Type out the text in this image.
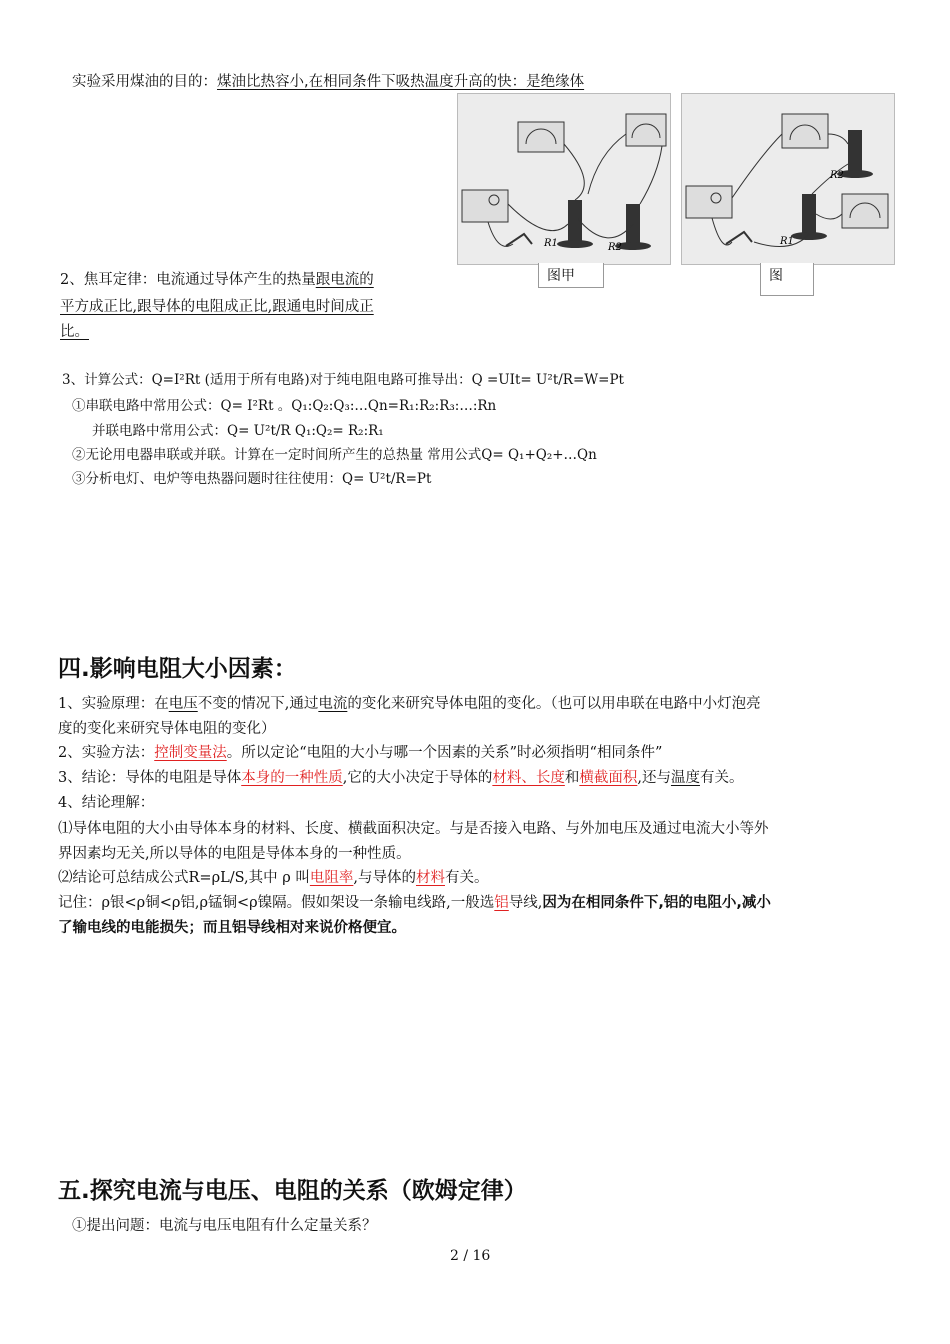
实验采用煤油的目的：煤油比热容小,在相同条件下吸热温度升高的快：是绝缘体
R1	R2
图甲
R1
R2
图
2、焦耳定律：电流通过导体产生的热量跟电流的
平方成正比,跟导体的电阻成正比,跟通电时间成正
比。
3、计算公式：Q=I²Rt (适用于所有电路)对于纯电阻电路可推导出：Q =UIt= U²t/R=W=Pt
①串联电路中常用公式：Q= I²Rt 。Q₁:Q₂:Q₃:…Qn=R₁:R₂:R₃:…:Rn
并联电路中常用公式：Q= U²t/R Q₁:Q₂= R₂:R₁
②无论用电器串联或并联。计算在一定时间所产生的总热量 常用公式Q= Q₁+Q₂+…Qn
③分析电灯、电炉等电热器问题时往往使用：Q= U²t/R=Pt
四.影响电阻大小因素：
1、实验原理：在电压不变的情况下,通过电流的变化来研究导体电阻的变化。（也可以用串联在电路中小灯泡亮
度的变化来研究导体电阻的变化）
2、实验方法：控制变量法。所以定论“电阻的大小与哪一个因素的关系”时必须指明“相同条件”
3、结论：导体的电阻是导体本身的一种性质,它的大小决定于导体的材料、长度和横截面积,还与温度有关。
4、结论理解：
⑴导体电阻的大小由导体本身的材料、长度、横截面积决定。与是否接入电路、与外加电压及通过电流大小等外
界因素均无关,所以导体的电阻是导体本身的一种性质。
⑵结论可总结成公式R=ρL/S,其中 ρ 叫电阻率,与导体的材料有关。
记住：ρ银<ρ铜<ρ铝,ρ锰铜<ρ镍隔。假如架设一条输电线路,一般选铝导线,因为在相同条件下,铝的电阻小,减小
了输电线的电能损失；而且铝导线相对来说价格便宜。
五.探究电流与电压、电阻的关系（欧姆定律）
①提出问题：电流与电压电阻有什么定量关系？
2 / 16
